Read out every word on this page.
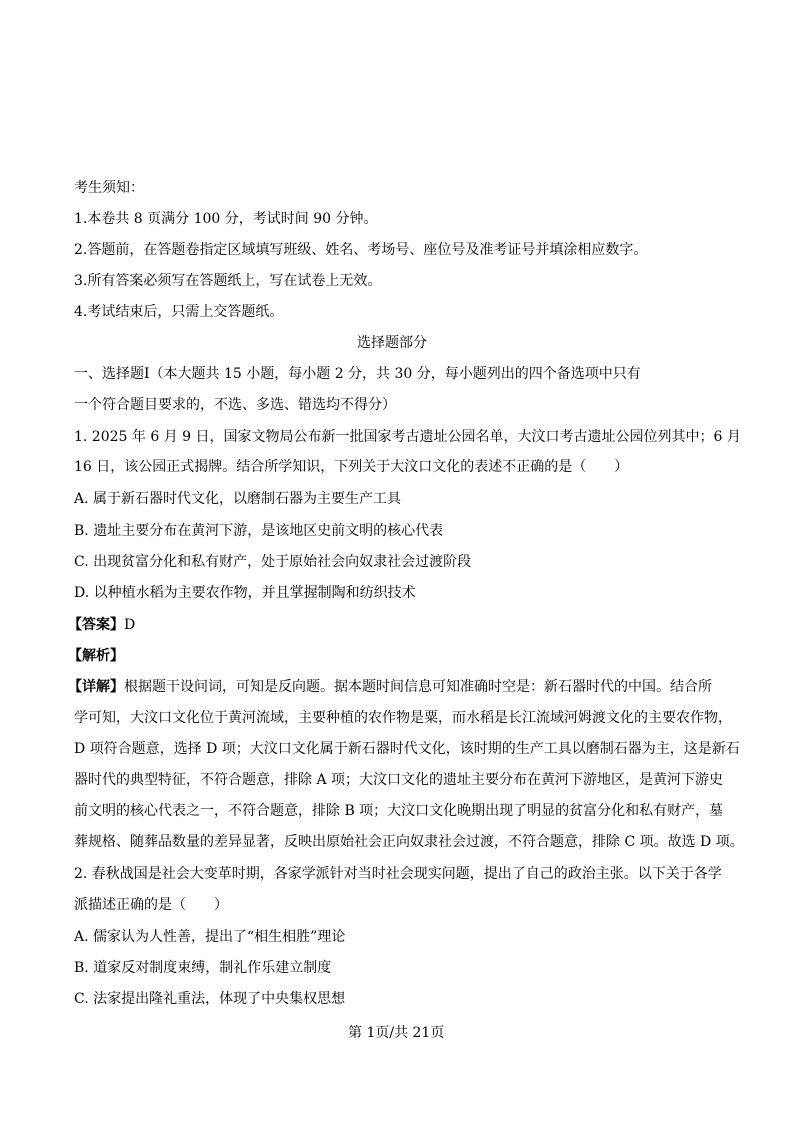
考生须知：
1.本卷共 8 页满分 100 分，考试时间 90 分钟。
2.答题前，在答题卷指定区域填写班级、姓名、考场号、座位号及准考证号并填涂相应数字。
3.所有答案必须写在答题纸上，写在试卷上无效。
4.考试结束后，只需上交答题纸。
选择题部分
一、选择题Ⅰ（本大题共 15 小题，每小题 2 分，共 30 分，每小题列出的四个备选项中只有
一个符合题目要求的，不选、多选、错选均不得分）
1. 2025 年 6 月 9 日，国家文物局公布新一批国家考古遗址公园名单，大汶口考古遗址公园位列其中；6 月
16 日，该公园正式揭牌。结合所学知识，下列关于大汶口文化的表述不正确的是（　　）
A. 属于新石器时代文化，以磨制石器为主要生产工具
B. 遗址主要分布在黄河下游，是该地区史前文明的核心代表
C. 出现贫富分化和私有财产，处于原始社会向奴隶社会过渡阶段
D. 以种植水稻为主要农作物，并且掌握制陶和纺织技术
【答案】D
【解析】
【详解】根据题干设问词，可知是反向题。据本题时间信息可知准确时空是：新石器时代的中国。结合所
学可知，大汶口文化位于黄河流域，主要种植的农作物是粟，而水稻是长江流域河姆渡文化的主要农作物，
D 项符合题意，选择 D 项；大汶口文化属于新石器时代文化，该时期的生产工具以磨制石器为主，这是新石
器时代的典型特征，不符合题意，排除 A 项；大汶口文化的遗址主要分布在黄河下游地区，是黄河下游史
前文明的核心代表之一，不符合题意，排除 B 项；大汶口文化晚期出现了明显的贫富分化和私有财产，墓
葬规格、随葬品数量的差异显著，反映出原始社会正向奴隶社会过渡，不符合题意，排除 C 项。故选 D 项。
2. 春秋战国是社会大变革时期，各家学派针对当时社会现实问题，提出了自己的政治主张。以下关于各学
派描述正确的是（　　）
A. 儒家认为人性善，提出了“相生相胜”理论
B. 道家反对制度束缚，制礼作乐建立制度
C. 法家提出隆礼重法，体现了中央集权思想
第 1页/共 21页
